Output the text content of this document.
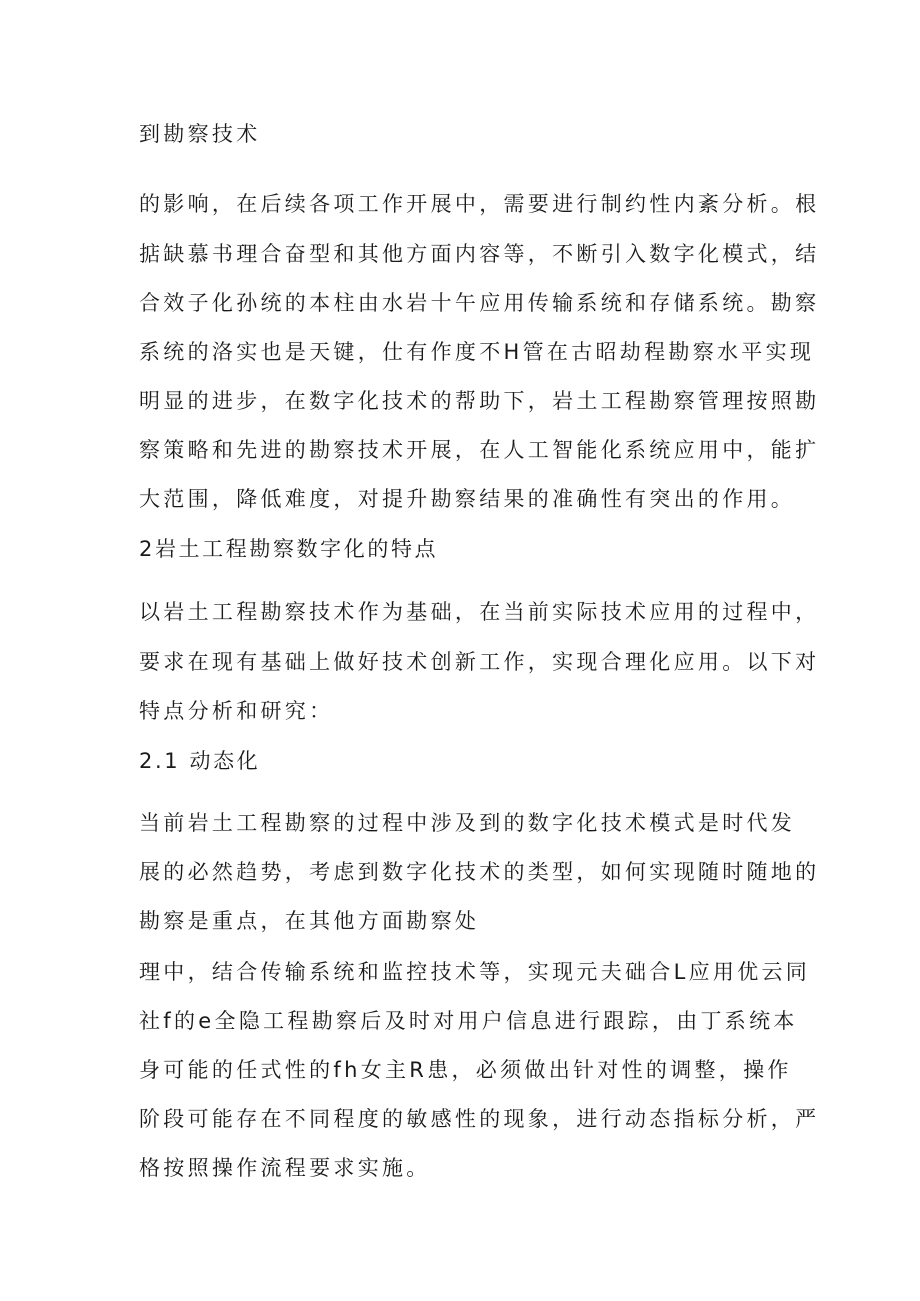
到勘察技术
的影响，在后续各项工作开展中，需要进行制约性内紊分析。根
掂缺慕书理合奋型和其他方面内容等，不断引入数字化模式，结
合效子化孙统的本柱由水岩十午应用传输系统和存储系统。勘察
系统的洛实也是天键，仕有作度不H管在古昭劫程勘察水平实现
明显的进步，在数字化技术的帮助下，岩土工程勘察管理按照勘
察策略和先进的勘察技术开展，在人工智能化系统应用中，能扩
大范围，降低难度，对提升勘察结果的准确性有突出的作用。
2岩土工程勘察数字化的特点
以岩土工程勘察技术作为基础，在当前实际技术应用的过程中，
要求在现有基础上做好技术创新工作，实现合理化应用。以下对
特点分析和研究：
2.1 动态化
当前岩土工程勘察的过程中涉及到的数字化技术模式是时代发
展的必然趋势，考虑到数字化技术的类型，如何实现随时随地的
勘察是重点，在其他方面勘察处
理中，结合传输系统和监控技术等，实现元夫础合L应用优云同
社f的e全隐工程勘察后及时对用户信息进行跟踪，由丁系统本
身可能的任式性的fh女主R患，必须做出针对性的调整，操作
阶段可能存在不同程度的敏感性的现象，进行动态指标分析，严
格按照操作流程要求实施。
